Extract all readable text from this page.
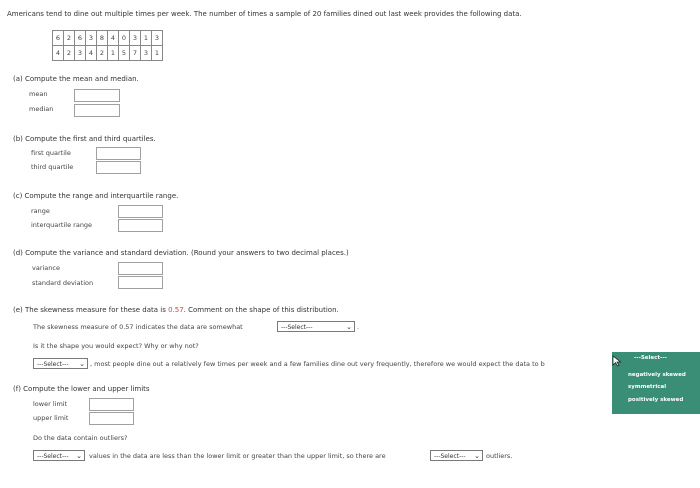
Americans tend to dine out multiple times per week. The number of times a sample of 20 families dined out last week provides the following data.
6	2	6	3	8	4	0	3	1	3
4	2	3	4	2	1	5	7	3	1
(a) Compute the mean and median.
mean
median
(b) Compute the first and third quartiles.
first quartile
third quartile
(c) Compute the range and interquartile range.
range
interquartile range
(d) Compute the variance and standard deviation. (Round your answers to two decimal places.)
variance
standard deviation
(e) The skewness measure for these data is 0.57. Comment on the shape of this distribution.
The skewness measure of 0.57 indicates the data are somewhat	---Select---	⌄ .
Is it the shape you would expect? Why or why not?
---Select--- ⌄ , most people dine out a relatively few times per week and a few families dine out very frequently, therefore we would expect the data to b
---Select---
negatively skewed
symmetrical
positively skewed
(f) Compute the lower and upper limits
lower limit
upper limit
Do the data contain outliers?
---Select--- ⌄ values in the data are less than the lower limit or greater than the upper limit, so there are	---Select--- ⌄ outliers.
